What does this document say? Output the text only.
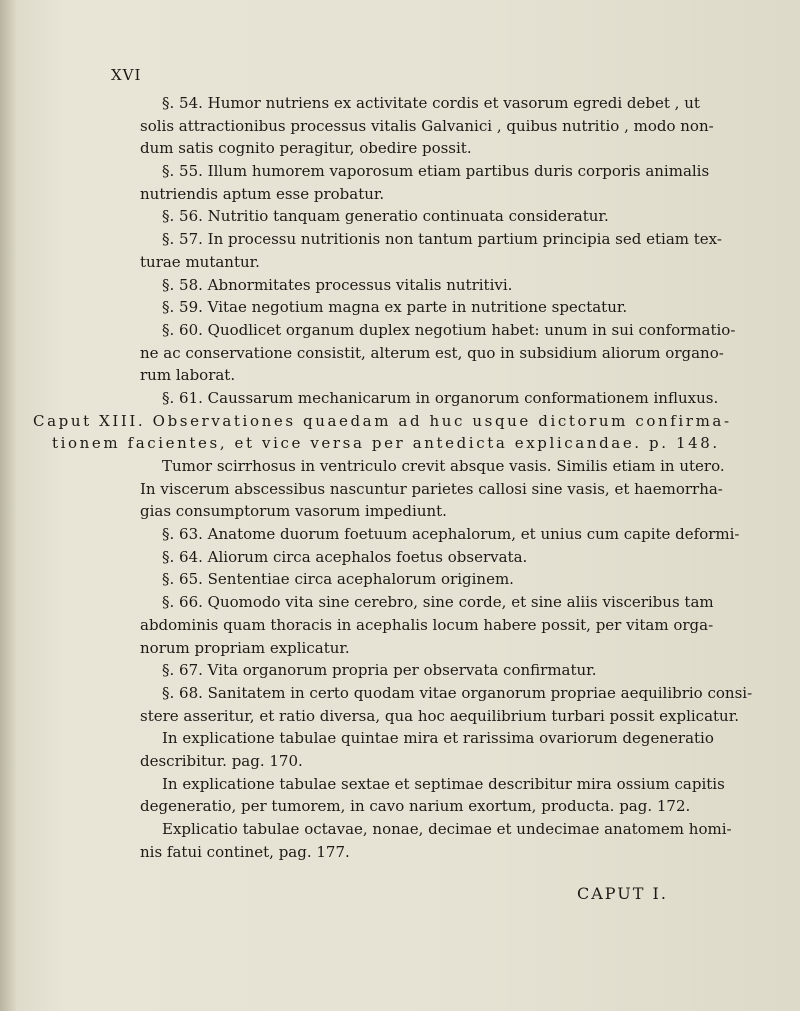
XVI
§. 54. Humor nutriens ex activitate cordis et vasorum egredi debet , ut
solis attractionibus processus vitalis Galvanici , quibus nutritio , modo non-
dum satis cognito peragitur, obedire possit.
§. 55. Illum humorem vaporosum etiam partibus duris corporis animalis
nutriendis aptum esse probatur.
§. 56. Nutritio tanquam generatio continuata consideratur.
§. 57. In processu nutritionis non tantum partium principia sed etiam tex-
turae mutantur.
§. 58. Abnormitates processus vitalis nutritivi.
§. 59. Vitae negotium magna ex parte in nutritione spectatur.
§. 60. Quodlicet organum duplex negotium habet: unum in sui conformatio-
ne ac conservatione consistit, alterum est, quo in subsidium aliorum organo-
rum laborat.
§. 61. Caussarum mechanicarum in organorum conformationem influxus.
Caput XIII. Observationes quaedam ad huc usque dictorum confirma-
tionem facientes, et vice versa per antedicta explicandae. p. 148.
Tumor scirrhosus in ventriculo crevit absque vasis. Similis etiam in utero.
In viscerum abscessibus nascuntur parietes callosi sine vasis, et haemorrha-
gias consumptorum vasorum impediunt.
§. 63. Anatome duorum foetuum acephalorum, et unius cum capite deformi-
§. 64. Aliorum circa acephalos foetus observata.
§. 65. Sententiae circa acephalorum originem.
§. 66. Quomodo vita sine cerebro, sine corde, et sine aliis visceribus tam
abdominis quam thoracis in acephalis locum habere possit, per vitam orga-
norum propriam explicatur.
§. 67. Vita organorum propria per observata confirmatur.
§. 68. Sanitatem in certo quodam vitae organorum propriae aequilibrio consi-
stere asseritur, et ratio diversa, qua hoc aequilibrium turbari possit explicatur.
In explicatione tabulae quintae mira et rarissima ovariorum degeneratio
describitur. pag. 170.
In explicatione tabulae sextae et septimae describitur mira ossium capitis
degeneratio, per tumorem, in cavo narium exortum, producta. pag. 172.
Explicatio tabulae octavae, nonae, decimae et undecimae anatomem homi-
nis fatui continet, pag. 177.
CAPUT I.
